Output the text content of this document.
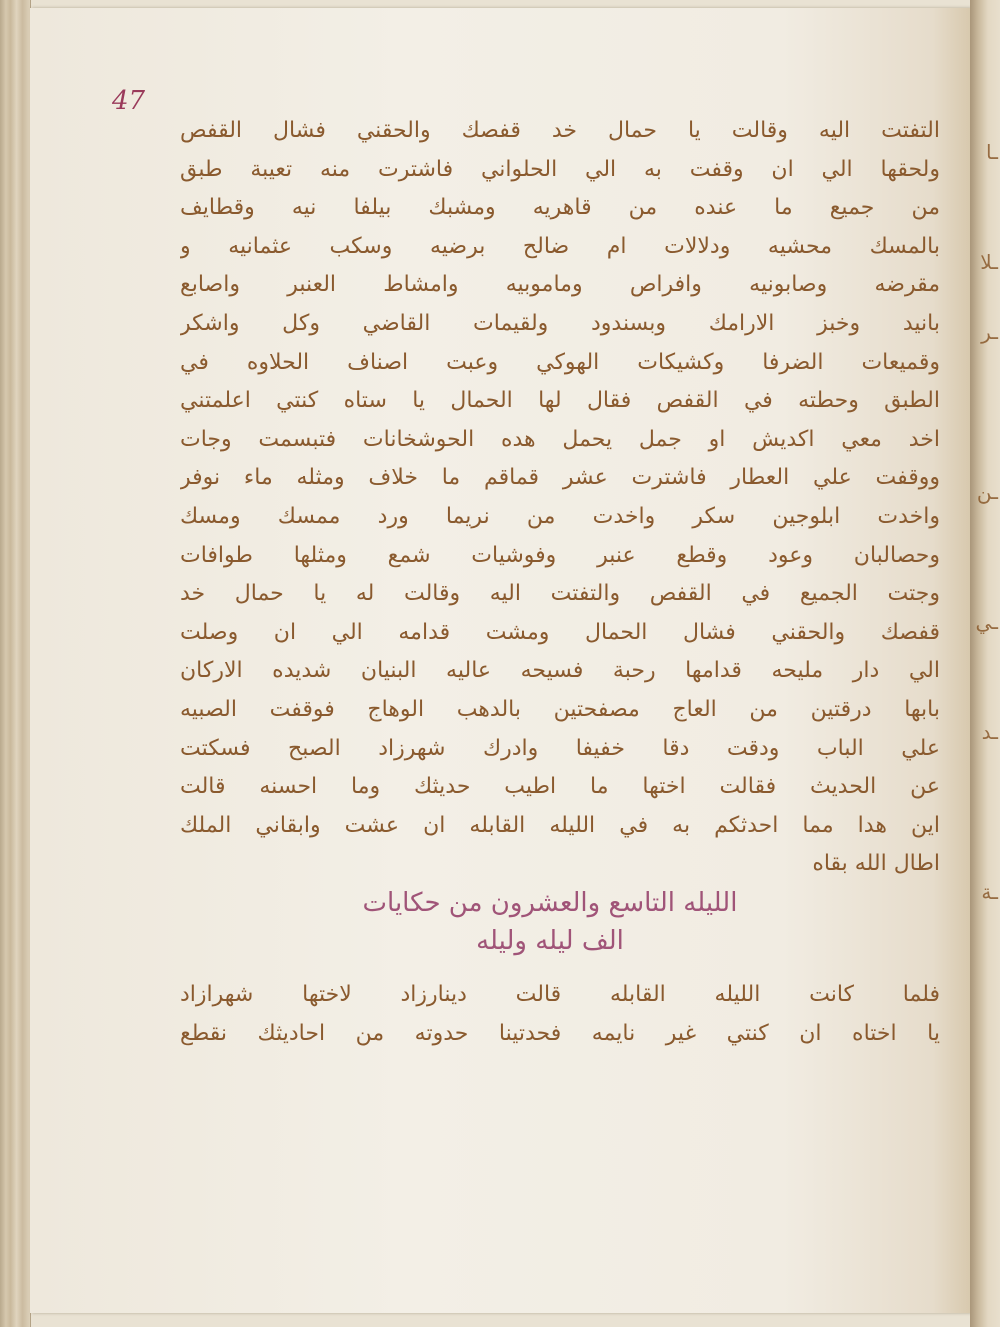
ـا
ـلا
ـر
ـن
ـي
ـد
ـة
47
التفتت اليه وقالت يا حمال خد قفصك والحقني فشال القفص
ولحقها الي ان وقفت به الي الحلواني فاشترت منه تعيبة طبق
من جميع ما عنده من قاهريه ومشبك بيلفا نيه وقطايف
بالمسك محشيه ودلالات ام ضالح برضيه وسكب عثمانيه و
مقرضه وصابونيه وافراص وماموبيه وامشاط العنبر واصابع
بانيد وخبز الارامك وبسندود ولقيمات القاضي وكل واشكر
وقميعات الضرفا وكشيكات الهوكي وعبت اصناف الحلاوه في
الطبق وحطته في القفص فقال لها الحمال يا ستاه كنتي اعلمتني
اخد معي اكديش او جمل يحمل هده الحوشخانات فتبسمت وجات
ووقفت علي العطار فاشترت عشر قماقم ما خلاف ومثله ماء نوفر
واخدت ابلوجين سكر واخدت من نريما ورد ممسك ومسك
وحصالبان وعود وقطع عنبر وفوشيات شمع ومثلها طوافات
وجتت الجميع في القفص والتفتت اليه وقالت له يا حمال خد
قفصك والحقني فشال الحمال ومشت قدامه الي ان وصلت
الي دار مليحه قدامها رحبة فسيحه عاليه البنيان شديده الاركان
بابها درقتين من العاج مصفحتين بالدهب الوهاج فوقفت الصبيه
علي الباب ودقت دقا خفيفا وادرك شهرزاد الصبح فسكتت
عن الحديث فقالت اختها ما اطيب حديثك وما احسنه قالت
اين هدا مما احدثكم به في الليله القابله ان عشت وابقاني الملك
اطال الله بقاه
الليله التاسع والعشرون من حكايات
الف ليله وليله
فلما كانت الليله القابله قالت دينارزاد لاختها شهرازاد
يا اختاه ان كنتي غير نايمه فحدتينا حدوته من احاديثك نقطع
